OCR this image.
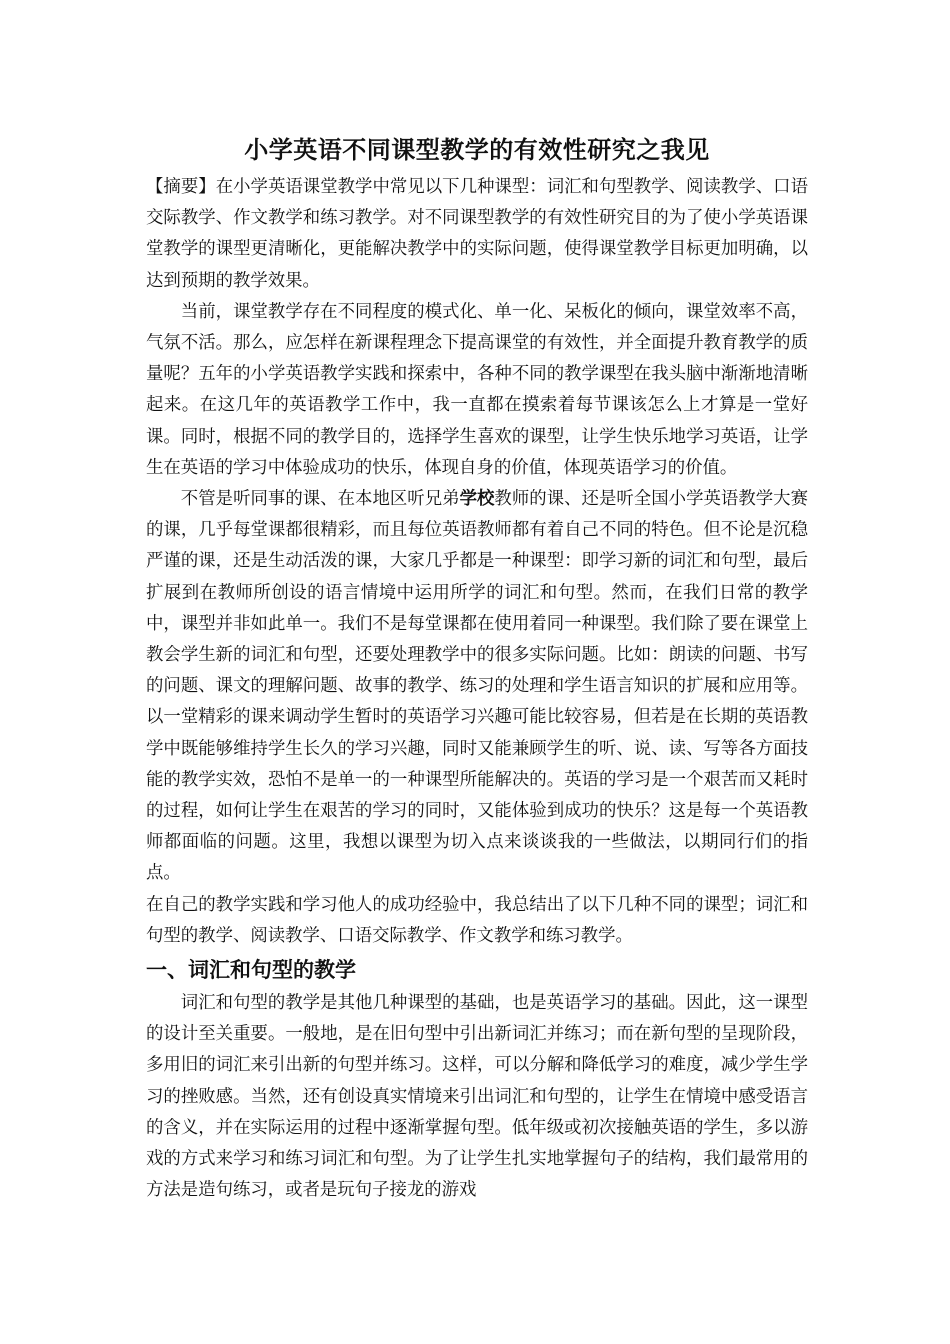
小学英语不同课型教学的有效性研究之我见

【摘要】在小学英语课堂教学中常见以下几种课型：词汇和句型教学、阅读教学、口语交际教学、作文教学和练习教学。对不同课型教学的有效性研究目的为了使小学英语课堂教学的课型更清晰化，更能解决教学中的实际问题，使得课堂教学目标更加明确，以达到预期的教学效果。

当前，课堂教学存在不同程度的模式化、单一化、呆板化的倾向，课堂效率不高，气氛不活。那么，应怎样在新课程理念下提高课堂的有效性，并全面提升教育教学的质量呢？五年的小学英语教学实践和探索中，各种不同的教学课型在我头脑中渐渐地清晰起来。在这几年的英语教学工作中，我一直都在摸索着每节课该怎么上才算是一堂好课。同时，根据不同的教学目的，选择学生喜欢的课型，让学生快乐地学习英语，让学生在英语的学习中体验成功的快乐，体现自身的价值，体现英语学习的价值。

不管是听同事的课、在本地区听兄弟学校教师的课、还是听全国小学英语教学大赛的课，几乎每堂课都很精彩，而且每位英语教师都有着自己不同的特色。但不论是沉稳严谨的课，还是生动活泼的课，大家几乎都是一种课型：即学习新的词汇和句型，最后扩展到在教师所创设的语言情境中运用所学的词汇和句型。然而，在我们日常的教学中，课型并非如此单一。我们不是每堂课都在使用着同一种课型。我们除了要在课堂上教会学生新的词汇和句型，还要处理教学中的很多实际问题。比如：朗读的问题、书写的问题、课文的理解问题、故事的教学、练习的处理和学生语言知识的扩展和应用等。以一堂精彩的课来调动学生暂时的英语学习兴趣可能比较容易，但若是在长期的英语教学中既能够维持学生长久的学习兴趣，同时又能兼顾学生的听、说、读、写等各方面技能的教学实效，恐怕不是单一的一种课型所能解决的。英语的学习是一个艰苦而又耗时的过程，如何让学生在艰苦的学习的同时，又能体验到成功的快乐？这是每一个英语教师都面临的问题。这里，我想以课型为切入点来谈谈我的一些做法，以期同行们的指点。

在自己的教学实践和学习他人的成功经验中，我总结出了以下几种不同的课型；词汇和句型的教学、阅读教学、口语交际教学、作文教学和练习教学。

一、词汇和句型的教学

词汇和句型的教学是其他几种课型的基础，也是英语学习的基础。因此，这一课型的设计至关重要。一般地，是在旧句型中引出新词汇并练习；而在新句型的呈现阶段，多用旧的词汇来引出新的句型并练习。这样，可以分解和降低学习的难度，减少学生学习的挫败感。当然，还有创设真实情境来引出词汇和句型的，让学生在情境中感受语言的含义，并在实际运用的过程中逐渐掌握句型。低年级或初次接触英语的学生，多以游戏的方式来学习和练习词汇和句型。为了让学生扎实地掌握句子的结构，我们最常用的方法是造句练习，或者是玩句子接龙的游戏
